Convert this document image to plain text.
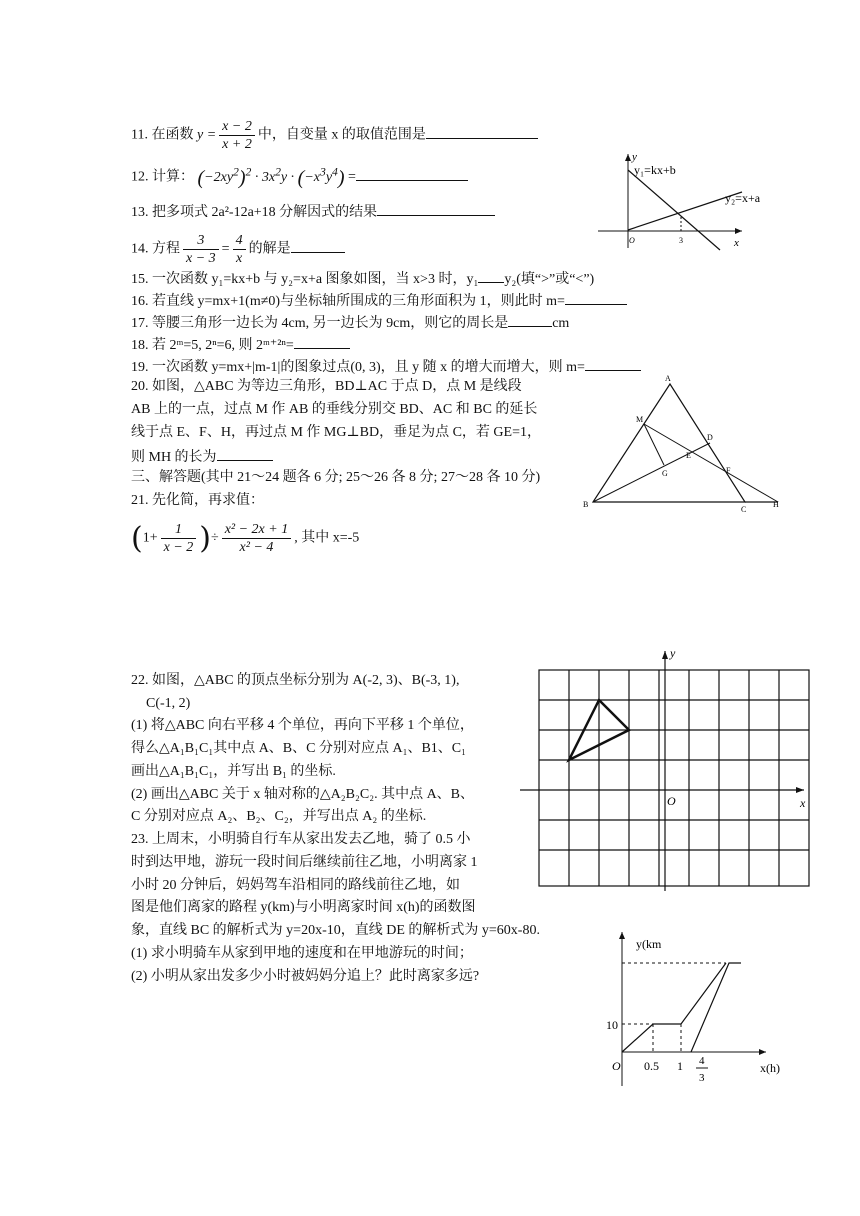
11. 在函数 $y = \frac{x - 2}{x + 2}$ 中，自变量 x 的取值范围是
12. 计算： $(-2xy^2)^2 \cdot 3x^2y \cdot (-x^3y^4)$ =
13. 把多项式 2a²-12a+18 分解因式的结果
14. 方程 $\frac{3}{x - 3} = \frac{4}{x}$ 的解是
15. 一次函数 y₁=kx+b 与 y₂=x+a 图象如图，当 x>3 时，y₁ y₂(填“>”或“<”)
16. 若直线 y=mx+1(m≠0)与坐标轴所围成的三角形面积为 1，则此时 m=
17. 等腰三角形一边长为 4cm, 另一边长为 9cm，则它的周长是	cm
18. 若 2ᵐ=5, 2ⁿ=6, 则 2ᵐ⁺²ⁿ=
19. 一次函数 y=mx+|m-1|的图象过点(0, 3)，且 y 随 x 的增大而增大，则 m=
20. 如图，△ABC 为等边三角形，BD⊥AC 于点 D，点 M 是线段
AB 上的一点，过点 M 作 AB 的垂线分别交 BD、AC 和 BC 的延长
线于点 E、F、H，再过点 M 作 MG⊥BD，垂足为点 C，若 GE=1，
则 MH 的长为
三、解答题(其中 21～24 题各 6 分; 25～26 各 8 分; 27～28 各 10 分)
21. 先化简，再求值：
($1+ \frac{1}{x - 2}$ )÷ $\frac{\text{x² − 2x + 1}}{\text{x² − 4}}$ , 其中 x=-5
22. 如图，△ABC 的顶点坐标分别为 A(-2, 3)、B(-3, 1),
C(-1, 2)
(1) 将△ABC 向右平移 4 个单位，再向下平移 1 个单位，
得么△A₁B₁C₁其中点 A、B、C 分别对应点 A₁、B1、C₁
画出△A₁B₁C₁，并写出 B₁ 的坐标.
(2) 画出△ABC 关于 x 轴对称的△A₂B₂C₂. 其中点 A、B、
C 分别对应点 A₂、B₂、C₂，并写出点 A₂ 的坐标.
23. 上周末，小明骑自行车从家出发去乙地，骑了 0.5 小
时到达甲地，游玩一段时间后继续前往乙地，小明离家 1
小时 20 分钟后，妈妈驾车沿相同的路线前往乙地，如
图是他们离家的路程 y(km)与小明离家时间 x(h)的函数图
象，直线 BC 的解析式为 y=20x-10，直线 DE 的解析式为 y=60x-80.
(1) 求小明骑车从家到甲地的速度和在甲地游玩的时间；
(2) 小明从家出发多少小时被妈妈分追上？此时离家多远?
y
x
O	3
y₁=kx+b
y₂=x+a
A
B
C
D
E
F
G
H
M
y
x
O
y(km
x(h)
O
10
0.5 1 4
3
